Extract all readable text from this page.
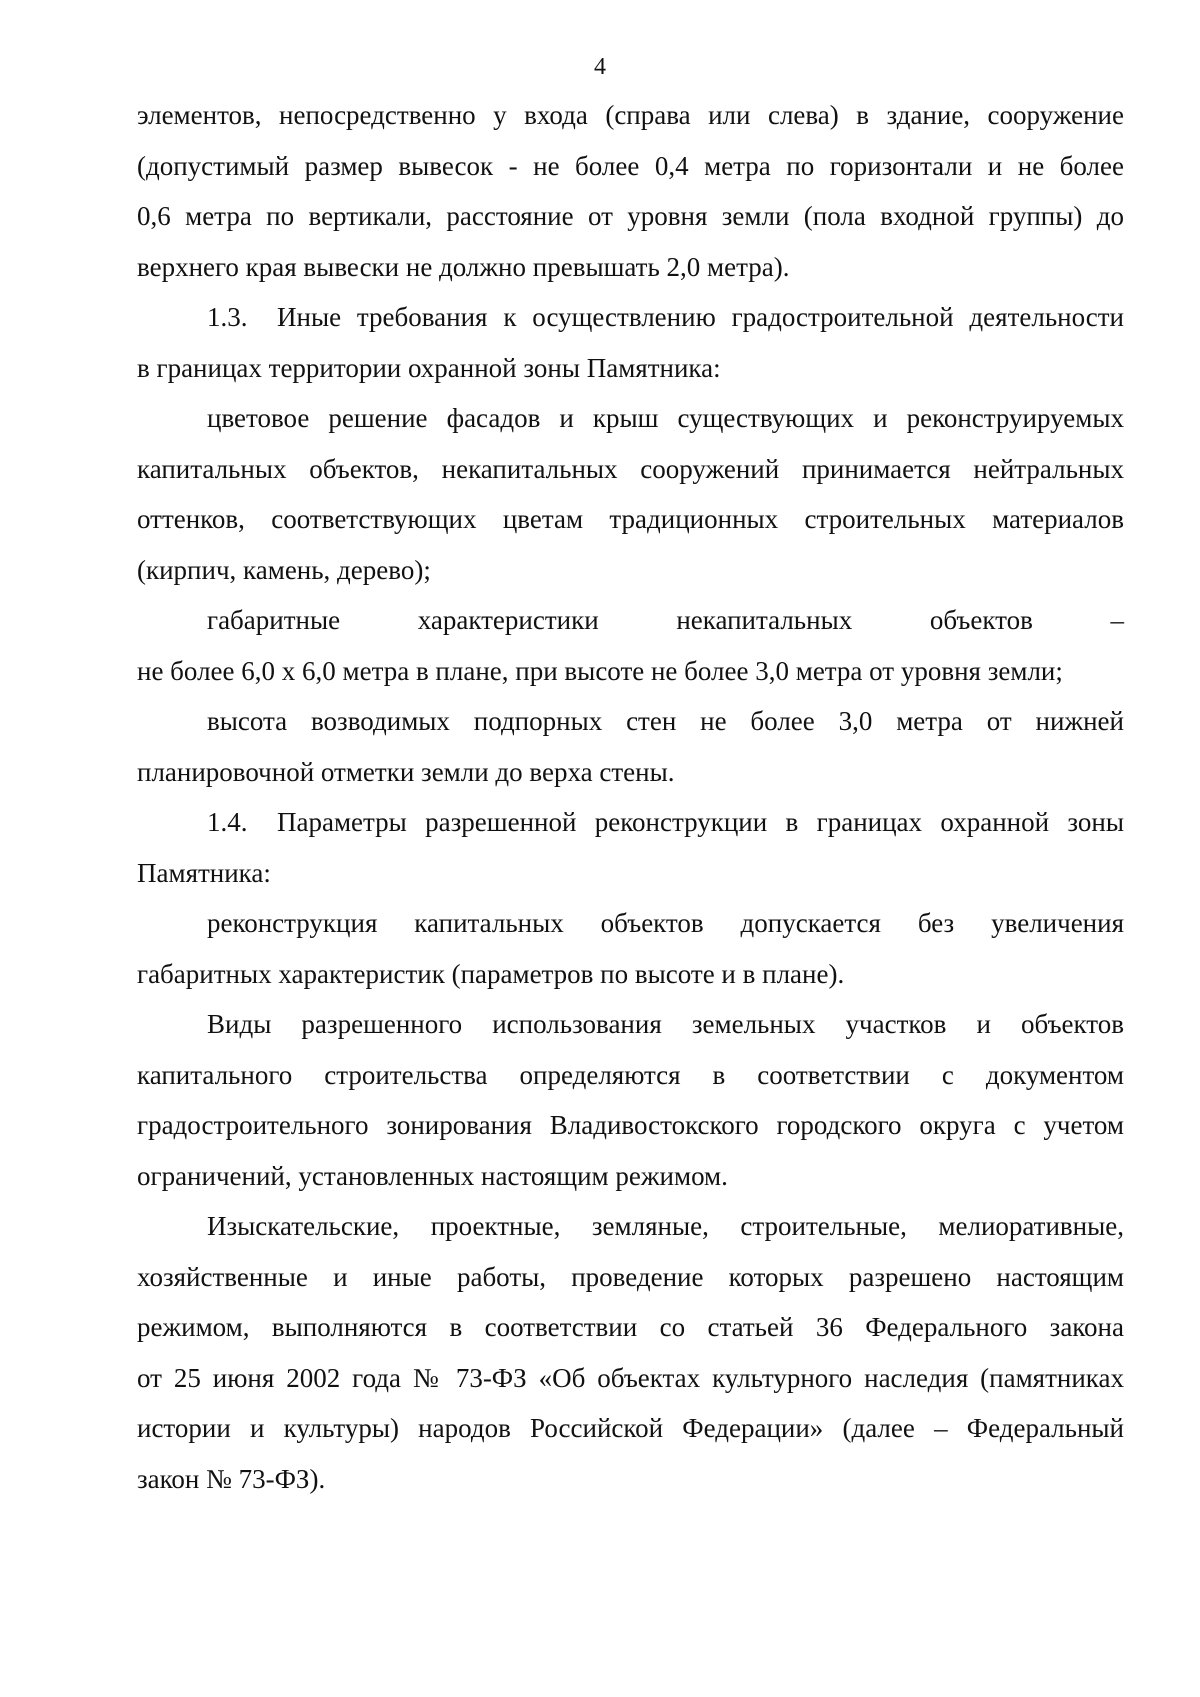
4

элементов, непосредственно у входа (справа или слева) в здание, сооружение
(допустимый размер вывесок - не более 0,4 метра по горизонтали и не более
0,6 метра по вертикали, расстояние от уровня земли (пола входной группы) до
верхнего края вывески не должно превышать 2,0 метра).

1.3. Иные требования к осуществлению градостроительной деятельности
в границах территории охранной зоны Памятника:

цветовое решение фасадов и крыш существующих и реконструируемых
капитальных объектов, некапитальных сооружений принимается нейтральных
оттенков, соответствующих цветам традиционных строительных материалов
(кирпич, камень, дерево);

габаритные характеристики некапитальных объектов –
не более 6,0 х 6,0 метра в плане, при высоте не более 3,0 метра от уровня земли;

высота возводимых подпорных стен не более 3,0 метра от нижней
планировочной отметки земли до верха стены.

1.4. Параметры разрешенной реконструкции в границах охранной зоны
Памятника:

реконструкция капитальных объектов допускается без увеличения
габаритных характеристик (параметров по высоте и в плане).

Виды разрешенного использования земельных участков и объектов
капитального строительства определяются в соответствии с документом
градостроительного зонирования Владивостокского городского округа с учетом
ограничений, установленных настоящим режимом.

Изыскательские, проектные, земляные, строительные, мелиоративные,
хозяйственные и иные работы, проведение которых разрешено настоящим
режимом, выполняются в соответствии со статьей 36 Федерального закона
от 25 июня 2002 года № 73-ФЗ «Об объектах культурного наследия (памятниках
истории и культуры) народов Российской Федерации» (далее – Федеральный
закон № 73-ФЗ).
